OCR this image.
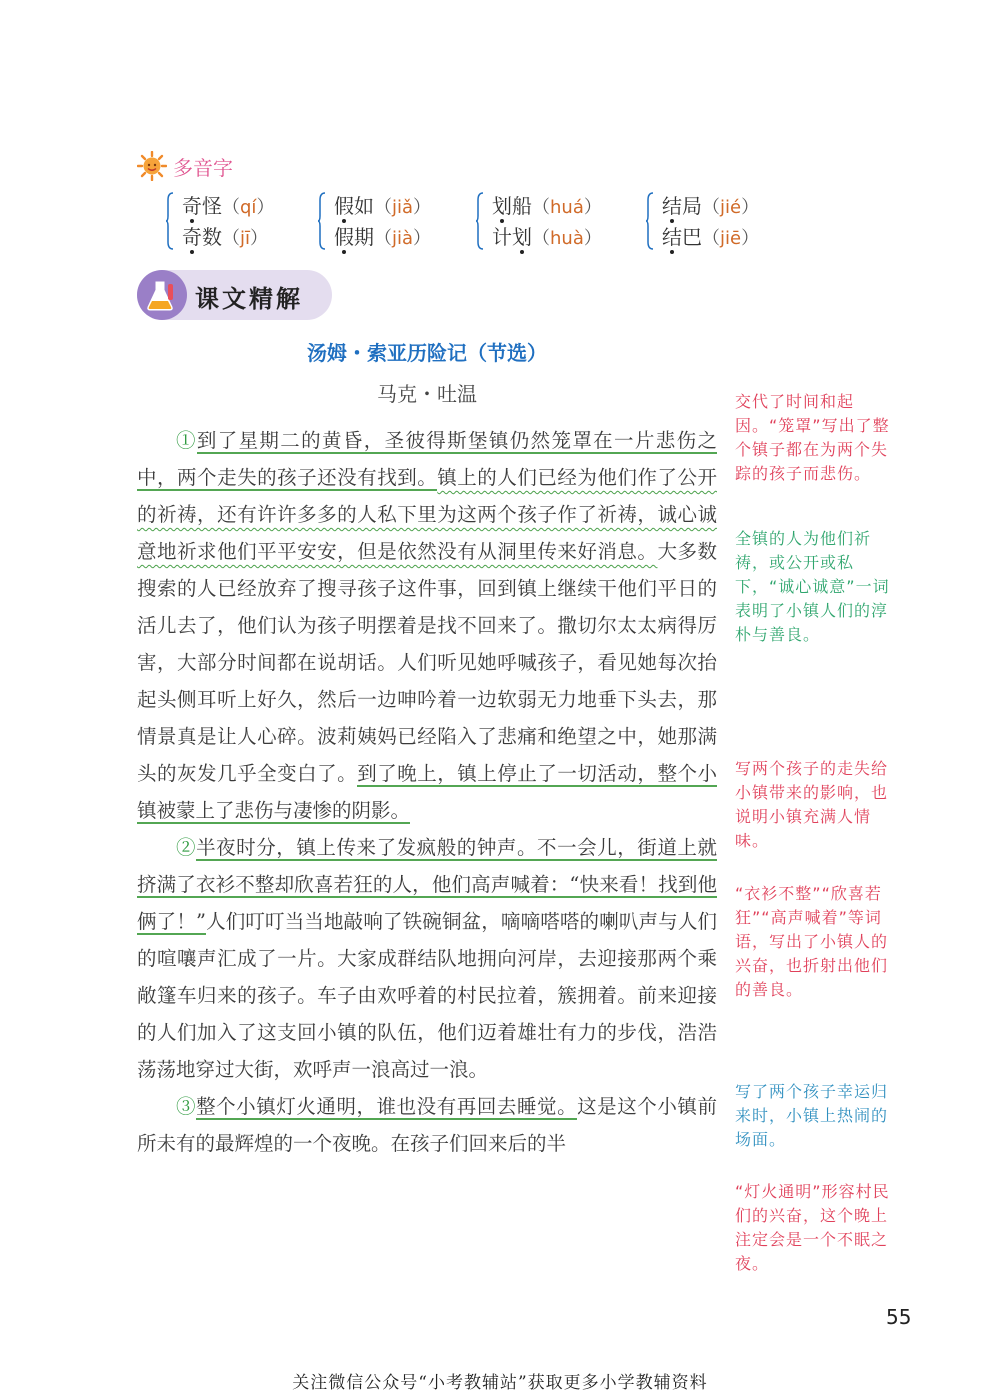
多音字
奇怪（qí）
奇数（jī）
假如（jiǎ）
假期（jià）
划船（huá）
计划（huà）
结局（jié）
结巴（jiē）
课文精解
汤姆・索亚历险记（节选）
马克・吐温

①到了星期二的黄昏，圣彼得斯堡镇仍然笼罩在一片悲伤之中，两个走失的孩子还没有找到。镇上的人们已经为他们作了公开的祈祷，还有许许多多的人私下里为这两个孩子作了祈祷，诚心诚意地祈求他们平平安安，但是依然没有从洞里传来好消息。大多数搜索的人已经放弃了搜寻孩子这件事，回到镇上继续干他们平日的活儿去了，他们认为孩子明摆着是找不回来了。撒切尔太太病得厉害，大部分时间都在说胡话。人们听见她呼喊孩子，看见她每次抬起头侧耳听上好久，然后一边呻吟着一边软弱无力地垂下头去，那情景真是让人心碎。波莉姨妈已经陷入了悲痛和绝望之中，她那满头的灰发几乎全变白了。到了晚上，镇上停止了一切活动，整个小镇被蒙上了悲伤与凄惨的阴影。

②半夜时分，镇上传来了发疯般的钟声。不一会儿，街道上就挤满了衣衫不整却欣喜若狂的人，他们高声喊着：“快来看！找到他俩了！”人们叮叮当当地敲响了铁碗铜盆，嘀嘀嗒嗒的喇叭声与人们的喧嚷声汇成了一片。大家成群结队地拥向河岸，去迎接那两个乘敞篷车归来的孩子。车子由欢呼着的村民拉着，簇拥着。前来迎接的人们加入了这支回小镇的队伍，他们迈着雄壮有力的步伐，浩浩荡荡地穿过大街，欢呼声一浪高过一浪。

③整个小镇灯火通明，谁也没有再回去睡觉。这是这个小镇前所未有的最辉煌的一个夜晚。在孩子们回来后的半

交代了时间和起因。“笼罩”写出了整个镇子都在为两个失踪的孩子而悲伤。
全镇的人为他们祈祷，或公开或私下，“诚心诚意”一词表明了小镇人们的淳朴与善良。
写两个孩子的走失给小镇带来的影响，也说明小镇充满人情味。
“衣衫不整”“欣喜若狂”“高声喊着”等词语，写出了小镇人的兴奋，也折射出他们的善良。
写了两个孩子幸运归来时，小镇上热闹的场面。
“灯火通明”形容村民们的兴奋，这个晚上注定会是一个不眠之夜。
55
关注微信公众号“小考教辅站”获取更多小学教辅资料
